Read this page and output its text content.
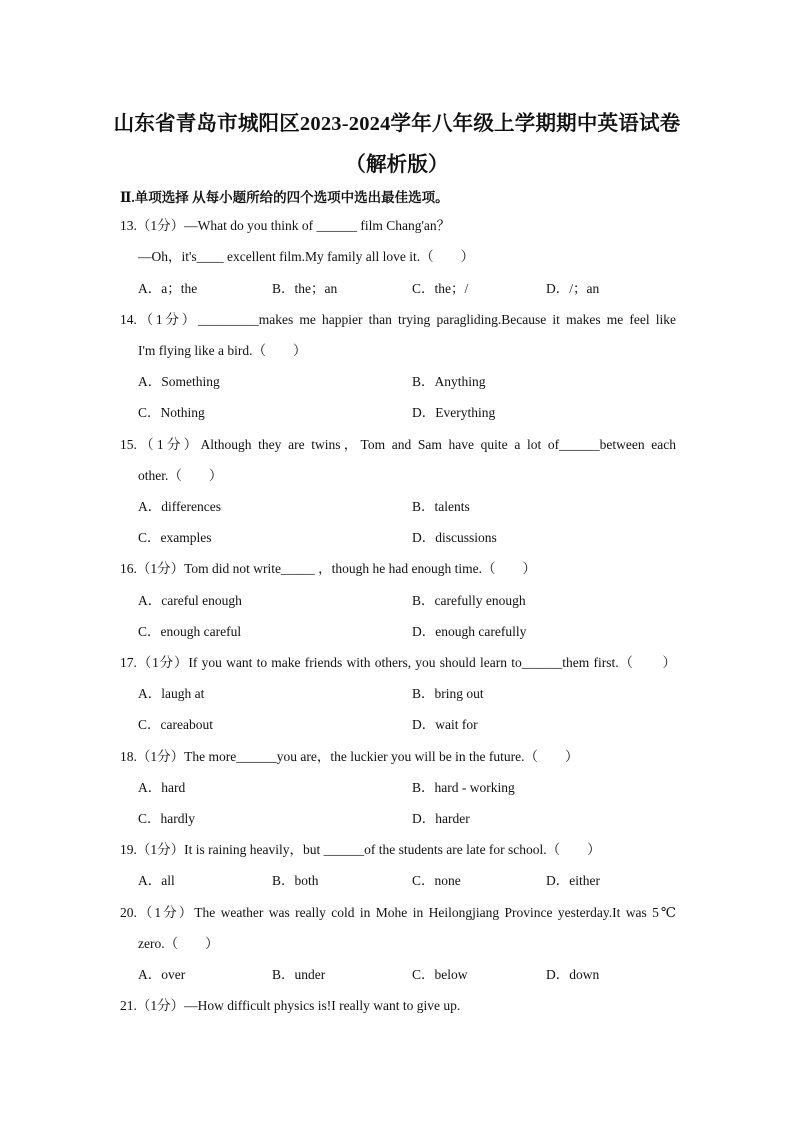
山东省青岛市城阳区2023-2024学年八年级上学期期中英语试卷
（解析版）
Ⅱ.单项选择 从每小题所给的四个选项中选出最佳选项。
13.（1分）—What do you think of ______ film Chang'an？
—Oh，it's____ excellent film.My family all love it.（　　）
A．a；the	B．the；an	C．the；/	D．/；an
14.（1分）_________makes me happier than trying paragliding.Because it makes me feel like
I'm flying like a bird.（　　）
A．Something	B．Anything
C．Nothing	D．Everything
15.（1分）Although they are twins，Tom and Sam have quite a lot of______between each
other.（　　）
A．differences	B．talents
C．examples	D．discussions
16.（1分）Tom did not write_____ ，though he had enough time.（　　）
A．careful enough	B．carefully enough
C．enough careful	D．enough carefully
17.（1分）If you want to make friends with others, you should learn to______them first.（　　）
A．laugh at	B．bring out
C．careabout	D．wait for
18.（1分）The more______you are，the luckier you will be in the future.（　　）
A．hard	B．hard - working
C．hardly	D．harder
19.（1分）It is raining heavily，but ______of the students are late for school.（　　）
A．all	B．both	C．none	D．either
20.（1分）The weather was really cold in Mohe in Heilongjiang Province yesterday.It was 5℃
zero.（　　）
A．over	B．under	C．below	D．down
21.（1分）—How difficult physics is!I really want to give up.
